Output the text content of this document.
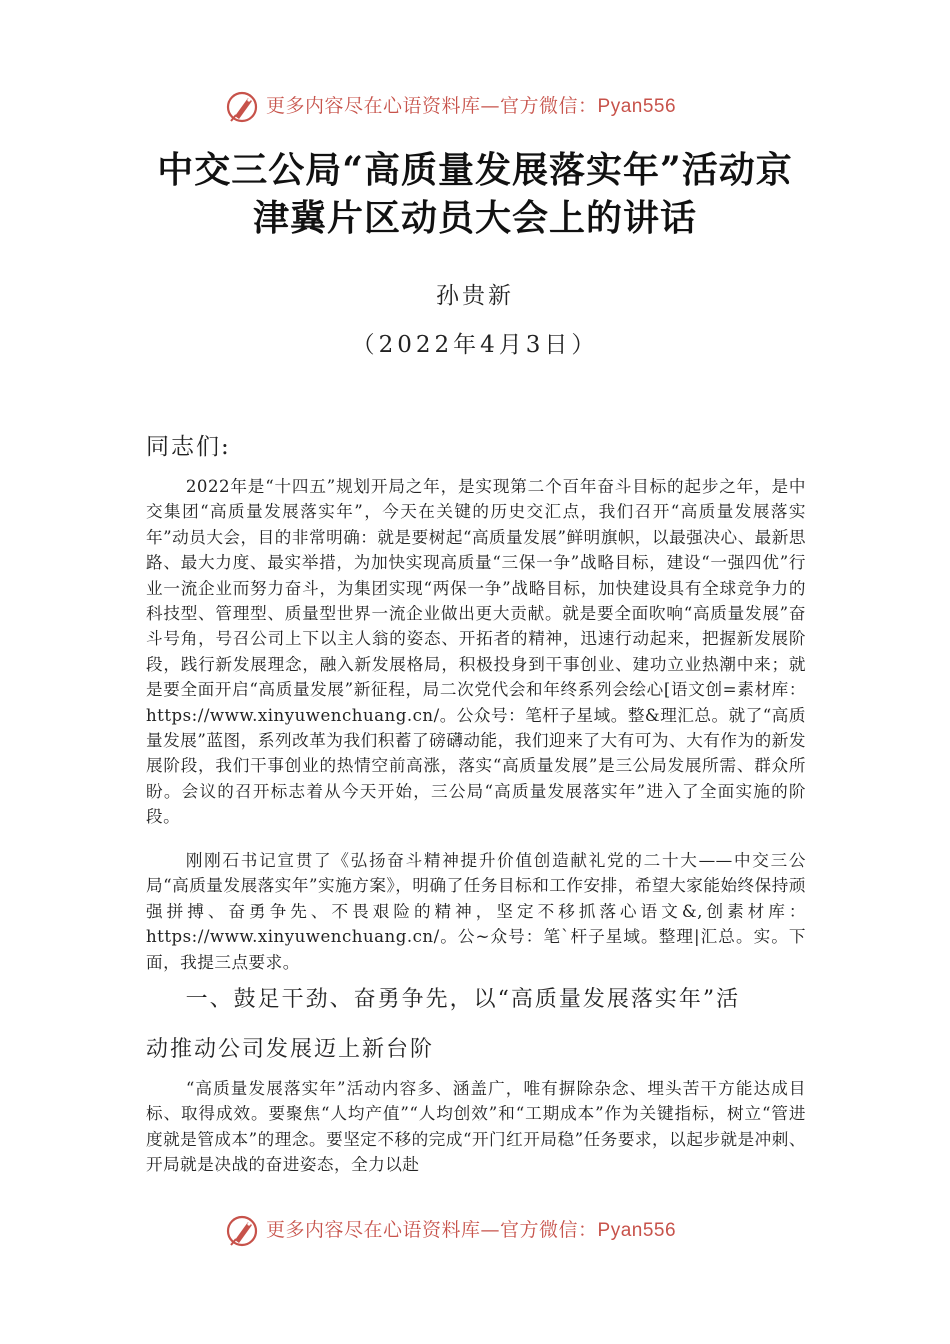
更多内容尽在心语资料库—官方微信：Pyan556
中交三公局“高质量发展落实年”活动京津冀片区动员大会上的讲话
孙贵新
（2022年4月3日）
同志们:

2022年是“十四五”规划开局之年，是实现第二个百年奋斗目标的起步之年，是中交集团“高质量发展落实年”，今天在关键的历史交汇点，我们召开“高质量发展落实年”动员大会，目的非常明确：就是要树起“高质量发展”鲜明旗帜，以最强决心、最新思路、最大力度、最实举措，为加快实现高质量“三保一争”战略目标，建设“一强四优”行业一流企业而努力奋斗，为集团实现“两保一争”战略目标，加快建设具有全球竞争力的科技型、管理型、质量型世界一流企业做出更大贡献。就是要全面吹响“高质量发展”奋斗号角，号召公司上下以主人翁的姿态、开拓者的精神，迅速行动起来，把握新发展阶段，践行新发展理念，融入新发展格局，积极投身到干事创业、建功立业热潮中来；就是要全面开启“高质量发展”新征程，局二次党代会和年终系列会绘心[语文创=素材库：https://www.xinyuwenchuang.cn/。公众号：笔杆子星域。整&理汇总。就了“高质量发展”蓝图，系列改革为我们积蓄了磅礴动能，我们迎来了大有可为、大有作为的新发展阶段，我们干事创业的热情空前高涨，落实“高质量发展”是三公局发展所需、群众所盼。会议的召开标志着从今天开始，三公局“高质量发展落实年”进入了全面实施的阶段。

刚刚石书记宣贯了《弘扬奋斗精神提升价值创造献礼党的二十大——中交三公局“高质量发展落实年”实施方案》，明确了任务目标和工作安排，希望大家能始终保持顽强拼搏、奋勇争先、不畏艰险的精神，坚定不移抓落心语文&,创素材库：https://www.xinyuwenchuang.cn/。公~众号：笔`杆子星域。整理|汇总。实。下面，我提三点要求。

一、鼓足干劲、奋勇争先，以“高质量发展落实年”活
动推动公司发展迈上新台阶

“高质量发展落实年”活动内容多、涵盖广，唯有摒除杂念、埋头苦干方能达成目标、取得成效。要聚焦“人均产值”“人均创效”和“工期成本”作为关键指标，树立“管进度就是管成本”的理念。要坚定不移的完成“开门红开局稳”任务要求，以起步就是冲刺、开局就是决战的奋进姿态，全力以赴

更多内容尽在心语资料库—官方微信：Pyan556
